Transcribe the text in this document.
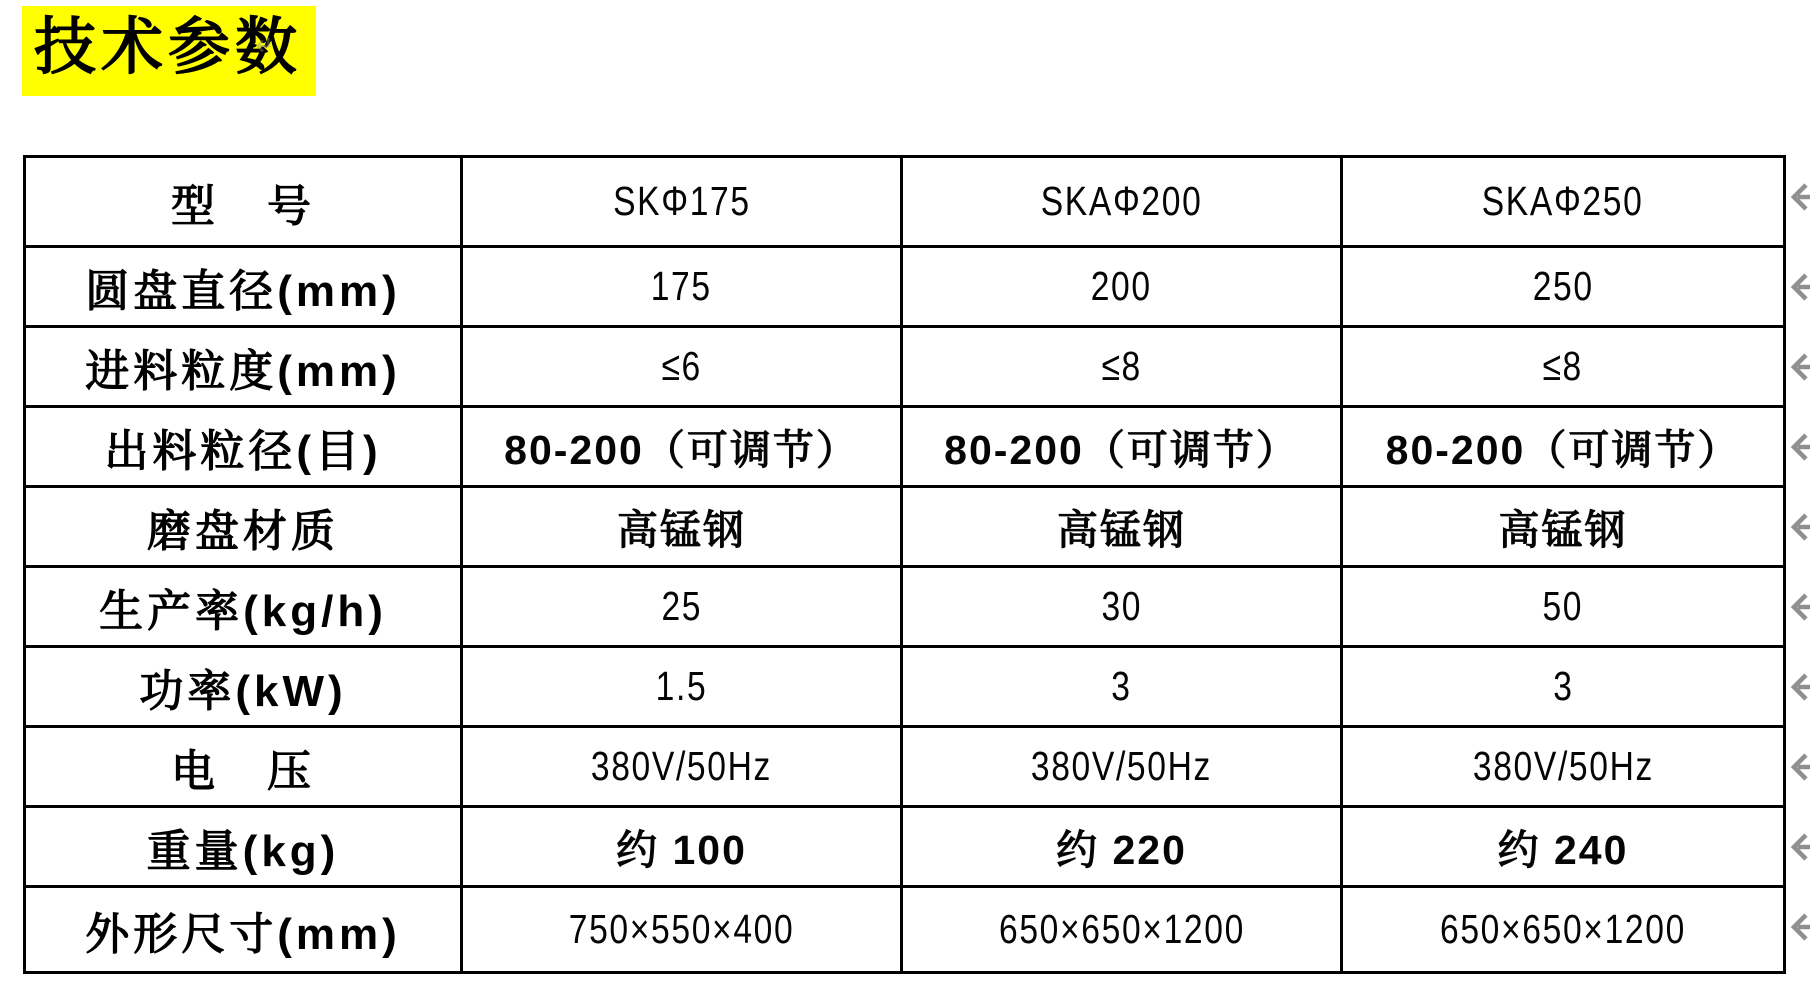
技术参数
型　号	SKΦ175	SKAΦ200	SKAΦ250
圆盘直径(mm)	175	200	250
进料粒度(mm)	≤6	≤8	≤8
出料粒径(目)	80-200（可调节）	80-200（可调节）	80-200（可调节）
磨盘材质	高锰钢	高锰钢	高锰钢
生产率(kg/h)	25	30	50
功率(kW)	1.5	3	3
电　压	380V/50Hz	380V/50Hz	380V/50Hz
重量(kg)	约 100	约 220	约 240
外形尺寸(mm)	750×550×400	650×650×1200	650×650×1200
